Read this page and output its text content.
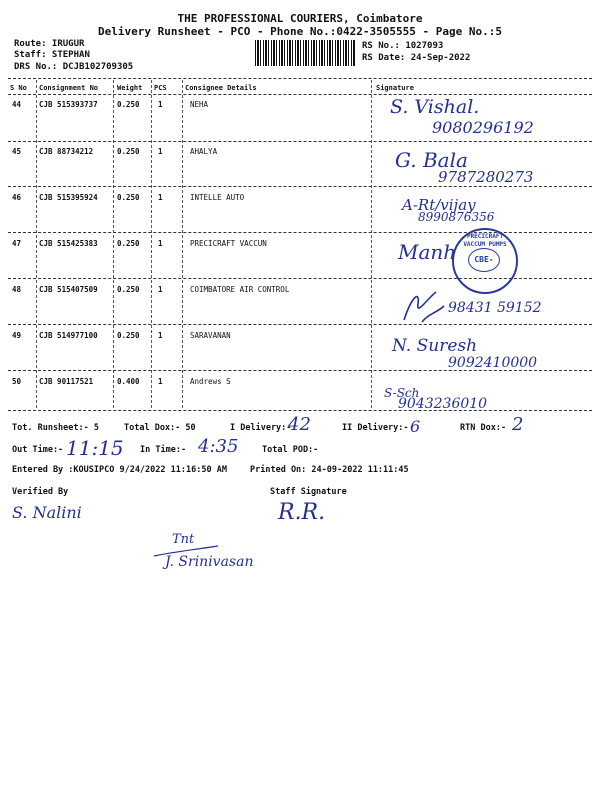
THE PROFESSIONAL COURIERS, Coimbatore
Delivery Runsheet - PCO - Phone No.:0422-3505555 - Page No.:5
Route: IRUGUR
Staff: STEPHAN
DRS No.: DCJB102709305
RS No.: 1027093
RS Date: 24-Sep-2022
S No Consignment No	Weight PCS	Consignee Details	Signature
44 CJB 515393737	0.250 1	NEHA	S. Vishal.
9080296192
45 CJB 88734212	0.250 1	AHALYA	G. Bala
9787280273
46 CJB 515395924	0.250 1	INTELLE AUTO	A-Rt/vijay
8990876356
47 CJB 515425383	0.250 1	PRECICRAFT VACCUN	Manh
48 CJB 515407509	0.250 1	COIMBATORE AIR CONTROL
98431 59152
49 CJB 514977100	0.250 1	SARAVANAN
N. Suresh
9092410000
50 CJB 90117521	0.400 1	Andrews S
S-Sch
9043236010
PRECICRAFT VACCUM PUMPS
CBE-
Tot. Runsheet:- 5	Total Dox:- 50	I Delivery:-
42	II Delivery:- 6	RTN Dox:- 2
Out Time:- 11:15 In Time:- 4:35	Total POD:-
Entered By :KOUSIPCO 9/24/2022 11:16:50 AM	Printed On: 24-09-2022 11:11:45
Verified By	Staff Signature
S. Nalini
Tnt
J. Srinivasan
R.R.
